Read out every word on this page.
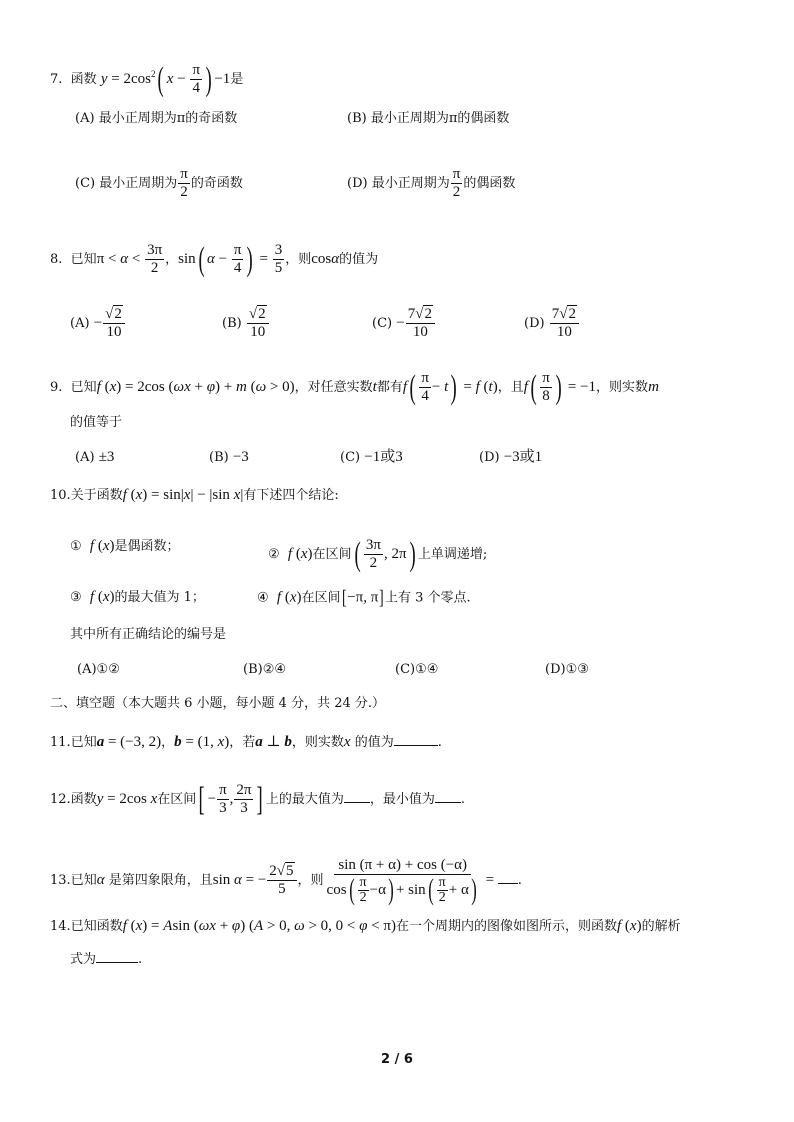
7. 函数 $y = 2\cos^2$( $x - \frac{\pi}{4}$ ) −1是
(A) 最小正周期为π的奇函数	(B) 最小正周期为π的偶函数
(C) 最小正周期为 $\frac{\pi}{2}$ 的奇函数	(D) 最小正周期为 $\frac{\pi}{2}$ 的偶函数
8. 已知$\pi < \alpha < \frac{3\pi}{2}$ ，sin( $\alpha - \frac{\pi}{4}$ ) = $\frac{3}{5}$ ，则cosα的值为
$(A) - \frac{√2}{10}$	$(B) \frac{√2}{10}$	$(C) - \frac{7√2}{10}$	$(D) \frac{7√2}{10}$
9. 已知f (x) = 2cos (ωx + φ) + m (ω > 0)，对任意实数t都有$f( \frac{\pi}{4} - t) = f$ (t)，且$f( \frac{\pi}{8}$ ) = −1，则实数m
的值等于
(A) ±3	(B) −3	(C) −1或3	(D) −3或1
10.关于函数f (x) = sin|x| − |sin x|有下述四个结论:
① f (x)是偶函数；
② f (x)在区间( $\frac{3\pi}{2}$ , 2π) 上单调递增;
③ f (x)的最大值为 1；	④ f (x)在区间[−π, π]上有 3 个零点.
其中所有正确结论的编号是
(A)①②	(B)②④	(C)①④	(D)①③
二、填空题（本大题共 6 小题，每小题 4 分，共 24 分.）
11.已知a = (−3, 2)，b = (1, x)，若a ⊥ b，则实数x 的值为	.
12.函数y = 2cos x在区间[ − $\frac{\pi}{3}$ , $\frac{2\pi}{3}$ ] 上的最大值为 ，最小值为 .
13.已知α 是第四象限角，且sin α = − $\frac{2√5}{5}$ ，则 $\frac{\sin (\pi + \alpha) + \cos (-\alpha)}{\cos ( \frac{\pi}{2} -\alpha ) + \sin ( \frac{\pi}{2} + \alpha )}$ = .
14.已知函数f (x) = Asin (ωx + φ) (A > 0, ω > 0, 0 < φ < π)在一个周期内的图像如图所示，则函数f (x)的解析
式为	.
2 / 6
